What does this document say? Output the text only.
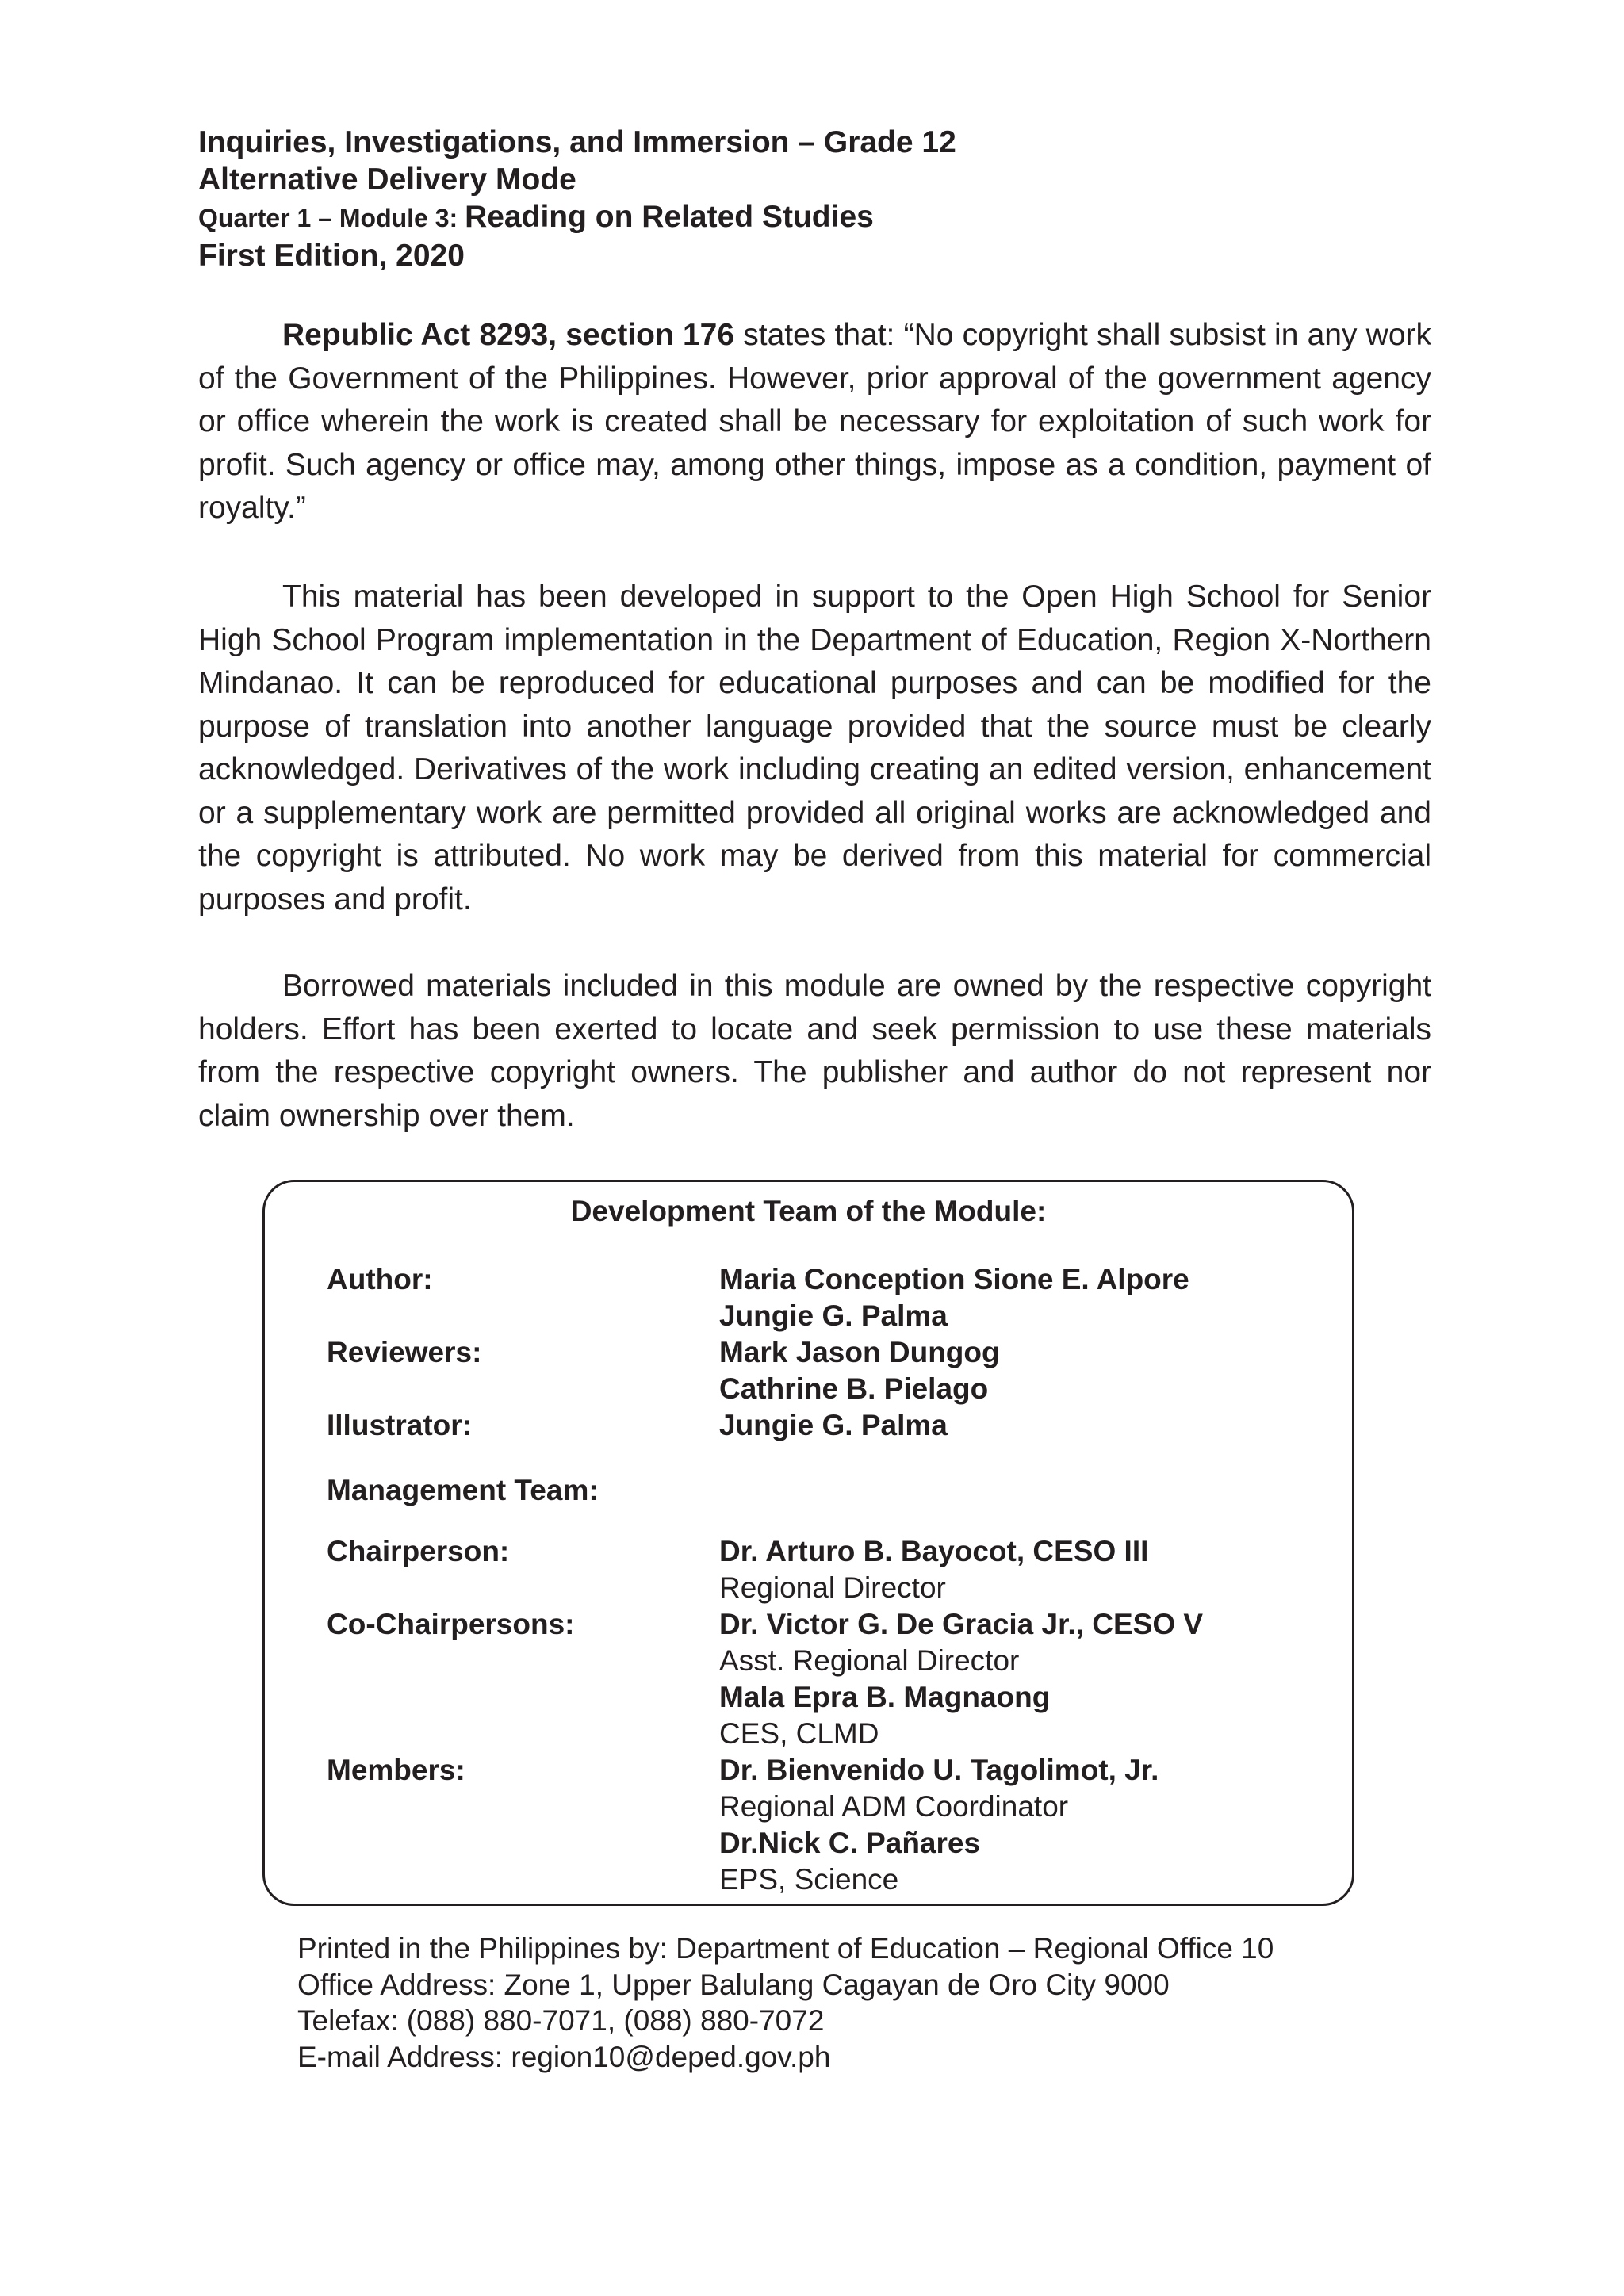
Inquiries, Investigations, and Immersion – Grade 12
Alternative Delivery Mode
Quarter 1 – Module 3: Reading on Related Studies
First Edition, 2020

Republic Act 8293, section 176 states that: “No copyright shall subsist in any work of the Government of the Philippines. However, prior approval of the government agency or office wherein the work is created shall be necessary for exploitation of such work for profit. Such agency or office may, among other things, impose as a condition, payment of royalty.”

This material has been developed in support to the Open High School for Senior High School Program implementation in the Department of Education, Region X-Northern Mindanao. It can be reproduced for educational purposes and can be modified for the purpose of translation into another language provided that the source must be clearly acknowledged. Derivatives of the work including creating an edited version, enhancement or a supplementary work are permitted provided all original works are acknowledged and the copyright is attributed. No work may be derived from this material for commercial purposes and profit.

Borrowed materials included in this module are owned by the respective copyright holders. Effort has been exerted to locate and seek permission to use these materials from the respective copyright owners. The publisher and author do not represent nor claim ownership over them.

Development Team of the Module:
Author:	Maria Conception Sione E. Alpore
Jungie G. Palma
Reviewers:	Mark Jason Dungog
Cathrine B. Pielago
Illustrator:	Jungie G. Palma
Management Team:
Chairperson:	Dr. Arturo B. Bayocot, CESO III
Regional Director
Co-Chairpersons:	Dr. Victor G. De Gracia Jr., CESO V
Asst. Regional Director
Mala Epra B. Magnaong
CES, CLMD
Members:	Dr. Bienvenido U. Tagolimot, Jr.
Regional ADM Coordinator
Dr.Nick C. Pañares
EPS, Science
Printed in the Philippines by: Department of Education – Regional Office 10
Office Address: Zone 1, Upper Balulang Cagayan de Oro City 9000
Telefax: (088) 880-7071, (088) 880-7072
E-mail Address: region10@deped.gov.ph
